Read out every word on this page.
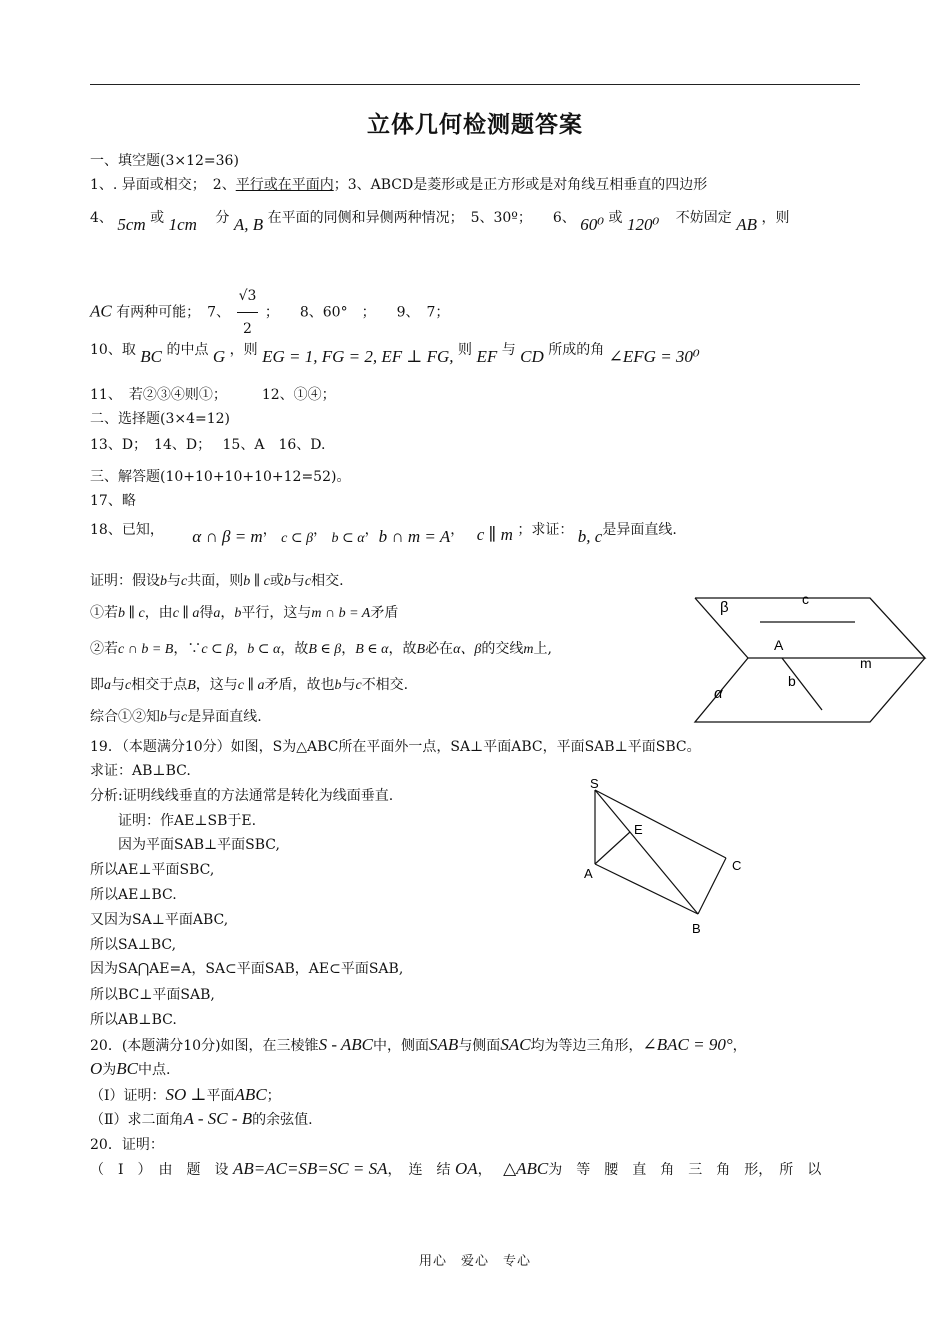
立体几何检测题答案
一、填空题(3×12=36)
1、. 异面或相交；　2、平行或在平面内；3、ABCD是菱形或是正方形或是对角线互相垂直的四边形
4、 5cm 或 1cm 分 A, B 在平面的同侧和异侧两种情况；　5、30º；　　6、 60⁰ 或 120⁰ 不妨固定 AB ，则
AC 有两种可能；　7、 $\frac{√3}{2}$ ；　　8、60°　；　　9、　7；
10、取 BC 的中点 G ，则 EG = 1, FG = 2, EF ⊥ FG, 则 EF 与 CD 所成的角 ∠EFG = 30⁰
11、　若②③④则①；　　　12、①④；
二、选择题(3×4=12)
13、D；　14、D；　 15、A　16、D.
三、解答题(10+10+10+10+12=52)。
17、略
18、已知， α ∩ β = m， c ⊂ β， b ⊂ α，b ∩ m = A， c ∥ m ；求证： b, c是异面直线.
证明：假设b与c共面，则b ∥ c或b与c相交.
①若b ∥ c，由c ∥ a得a，b平行，这与m ∩ b = A矛盾
②若c ∩ b = B，∵c ⊂ β，b ⊂ α，故B ∈ β，B ∈ α，故B必在α、β的交线m上,
即a与c相交于点B，这与c ∥ a矛盾，故也b与c不相交.
综合①②知b与c是异面直线.
β	c
A
m
b
α
19．（本题满分10分）如图，S为△ABC所在平面外一点，SA⊥平面ABC，平面SAB⊥平面SBC。
求证：AB⊥BC.
分析:证明线线垂直的方法通常是转化为线面垂直.
　　证明：作AE⊥SB于E.
　　因为平面SAB⊥平面SBC,
所以AE⊥平面SBC,
所以AE⊥BC.
又因为SA⊥平面ABC,
所以SA⊥BC,
因为SA⋂AE=A，SA⊂平面SAB，AE⊂平面SAB,
所以BC⊥平面SAB,
所以AB⊥BC.
S
E
A
C
B
20．(本题满分10分)如图，在三棱锥S - ABC中，侧面SAB与侧面SAC均为等边三角形，∠BAC = 90°，
O为BC中点.
（Ⅰ）证明：SO ⊥平面ABC；
（Ⅱ）求二面角A - SC - B的余弦值.
20．证明：
（　Ⅰ　）　由　题　设 AB=AC=SB=SC = SA，　连　结 OA，　 △ABC为　等　腰　直　角　三　角　形，　所　以
用心　爱心　专心
